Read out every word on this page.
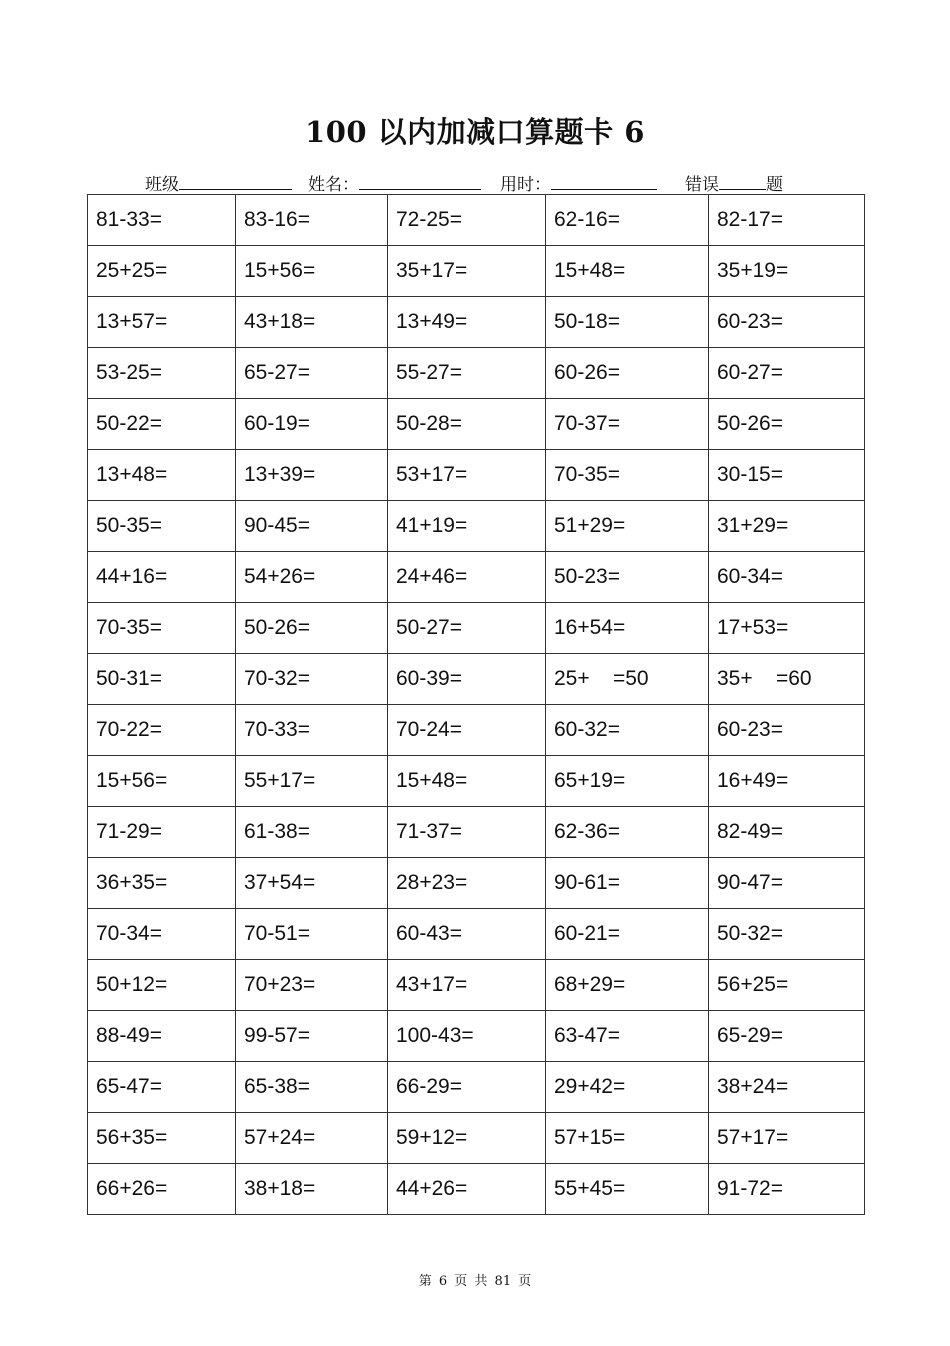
100 以内加减口算题卡 6
班级	姓名：	用时：	错误	题
81-33=	83-16=	72-25=	62-16=	82-17=
25+25=	15+56=	35+17=	15+48=	35+19=
13+57=	43+18=	13+49=	50-18=	60-23=
53-25=	65-27=	55-27=	60-26=	60-27=
50-22=	60-19=	50-28=	70-37=	50-26=
13+48=	13+39=	53+17=	70-35=	30-15=
50-35=	90-45=	41+19=	51+29=	31+29=
44+16=	54+26=	24+46=	50-23=	60-34=
70-35=	50-26=	50-27=	16+54=	17+53=
50-31=	70-32=	60-39=	25+    =50	35+    =60
70-22=	70-33=	70-24=	60-32=	60-23=
15+56=	55+17=	15+48=	65+19=	16+49=
71-29=	61-38=	71-37=	62-36=	82-49=
36+35=	37+54=	28+23=	90-61=	90-47=
70-34=	70-51=	60-43=	60-21=	50-32=
50+12=	70+23=	43+17=	68+29=	56+25=
88-49=	99-57=	100-43=	63-47=	65-29=
65-47=	65-38=	66-29=	29+42=	38+24=
56+35=	57+24=	59+12=	57+15=	57+17=
66+26=	38+18=	44+26=	55+45=	91-72=
第 6 页 共 81 页
